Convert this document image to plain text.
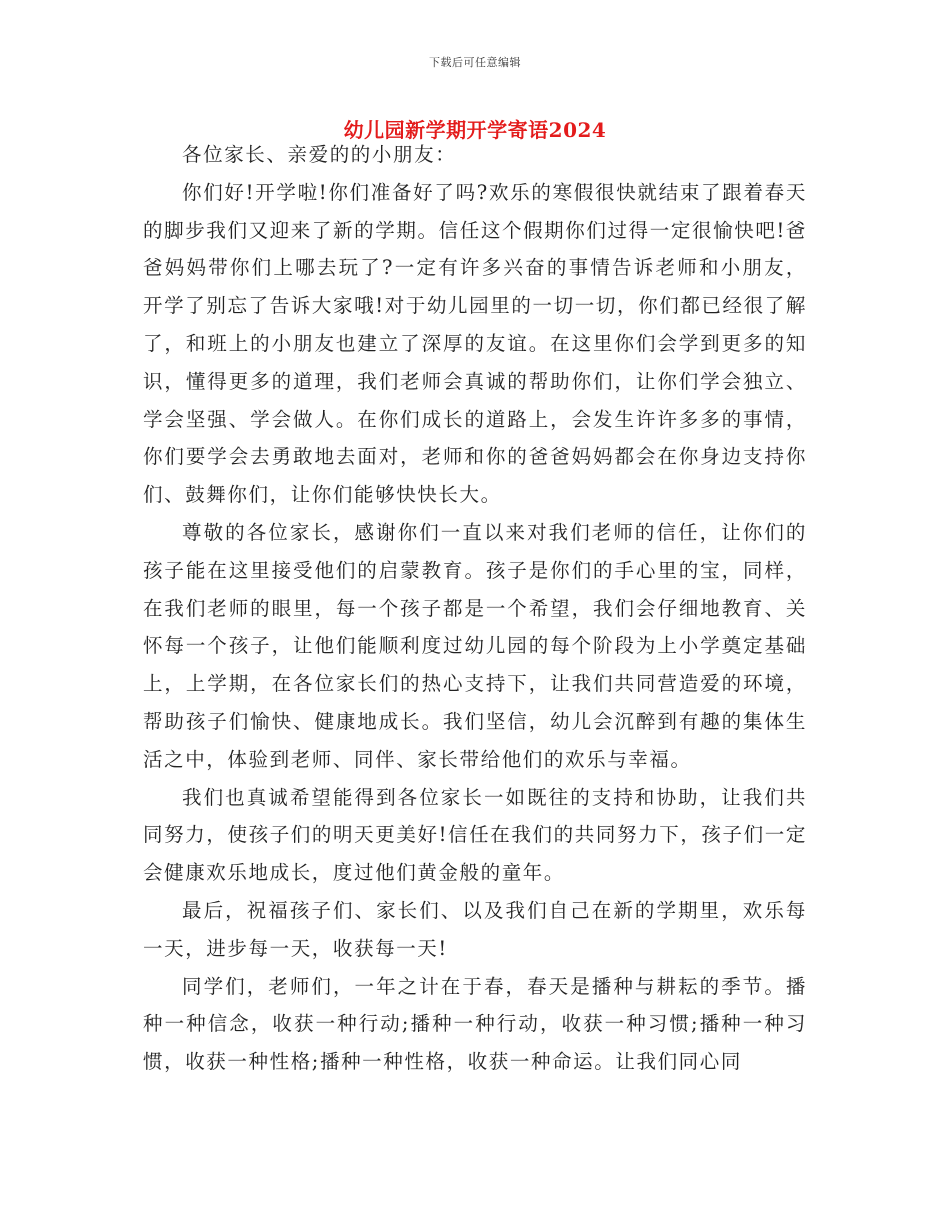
下载后可任意编辑
幼儿园新学期开学寄语2024

各位家长、亲爱的的小朋友：

你们好!开学啦!你们准备好了吗?欢乐的寒假很快就结束了跟着春天的脚步我们又迎来了新的学期。信任这个假期你们过得一定很愉快吧!爸爸妈妈带你们上哪去玩了?一定有许多兴奋的事情告诉老师和小朋友，开学了别忘了告诉大家哦!对于幼儿园里的一切一切，你们都已经很了解了，和班上的小朋友也建立了深厚的友谊。在这里你们会学到更多的知识，懂得更多的道理，我们老师会真诚的帮助你们，让你们学会独立、学会坚强、学会做人。在你们成长的道路上，会发生许许多多的事情，你们要学会去勇敢地去面对，老师和你的爸爸妈妈都会在你身边支持你们、鼓舞你们，让你们能够快快长大。

尊敬的各位家长，感谢你们一直以来对我们老师的信任，让你们的孩子能在这里接受他们的启蒙教育。孩子是你们的手心里的宝，同样，在我们老师的眼里，每一个孩子都是一个希望，我们会仔细地教育、关怀每一个孩子，让他们能顺利度过幼儿园的每个阶段为上小学奠定基础上，上学期，在各位家长们的热心支持下，让我们共同营造爱的环境，帮助孩子们愉快、健康地成长。我们坚信，幼儿会沉醉到有趣的集体生活之中，体验到老师、同伴、家长带给他们的欢乐与幸福。

我们也真诚希望能得到各位家长一如既往的支持和协助，让我们共同努力，使孩子们的明天更美好!信任在我们的共同努力下，孩子们一定会健康欢乐地成长，度过他们黄金般的童年。

最后，祝福孩子们、家长们、以及我们自己在新的学期里，欢乐每一天，进步每一天，收获每一天!

同学们，老师们，一年之计在于春，春天是播种与耕耘的季节。播种一种信念，收获一种行动;播种一种行动，收获一种习惯;播种一种习惯，收获一种性格;播种一种性格，收获一种命运。让我们同心同
